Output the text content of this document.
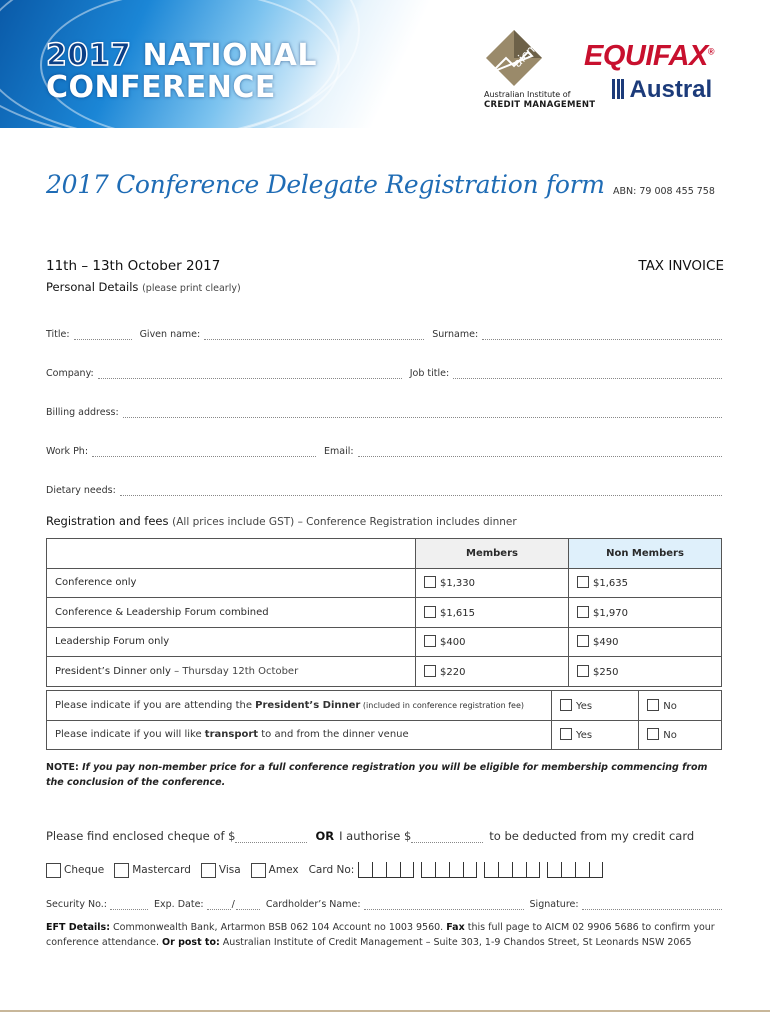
2017 NATIONAL
CONFERENCE
aicm
Australian Institute of
CREDIT MANAGEMENT
EQUIFAX®
Austral
2017 Conference Delegate Registration form ABN: 79 008 455 758
11th – 13th October 2017	TAX INVOICE
Personal Details (please print clearly)
Title:	Given name:	Surname:
Company:	Job title:
Billing address:
Work Ph:	Email:
Dietary needs:
Registration and fees (All prices include GST) – Conference Registration includes dinner
	Members	Non Members
Conference only	$1,330	$1,635
Conference & Leadership Forum combined	$1,615	$1,970
Leadership Forum only	$400	$490
President’s Dinner only – Thursday 12th October	$220	$250
Please indicate if you are attending the President’s Dinner (included in conference registration fee)	Yes	No
Please indicate if you will like transport to and from the dinner venue	Yes	No
NOTE: If you pay non-member price for a full conference registration you will be eligible for membership commencing from the conclusion of the conference.
Please find enclosed cheque of $	OR I authorise $	to be deducted from my credit card
Cheque	Mastercard	Visa	Amex Card No:
Security No.:	Exp. Date:	/	Cardholder’s Name:	Signature:
EFT Details: Commonwealth Bank, Artarmon BSB 062 104 Account no 1003 9560. Fax this full page to AICM 02 9906 5686 to confirm your conference attendance. Or post to: Australian Institute of Credit Management – Suite 303, 1-9 Chandos Street, St Leonards NSW 2065
